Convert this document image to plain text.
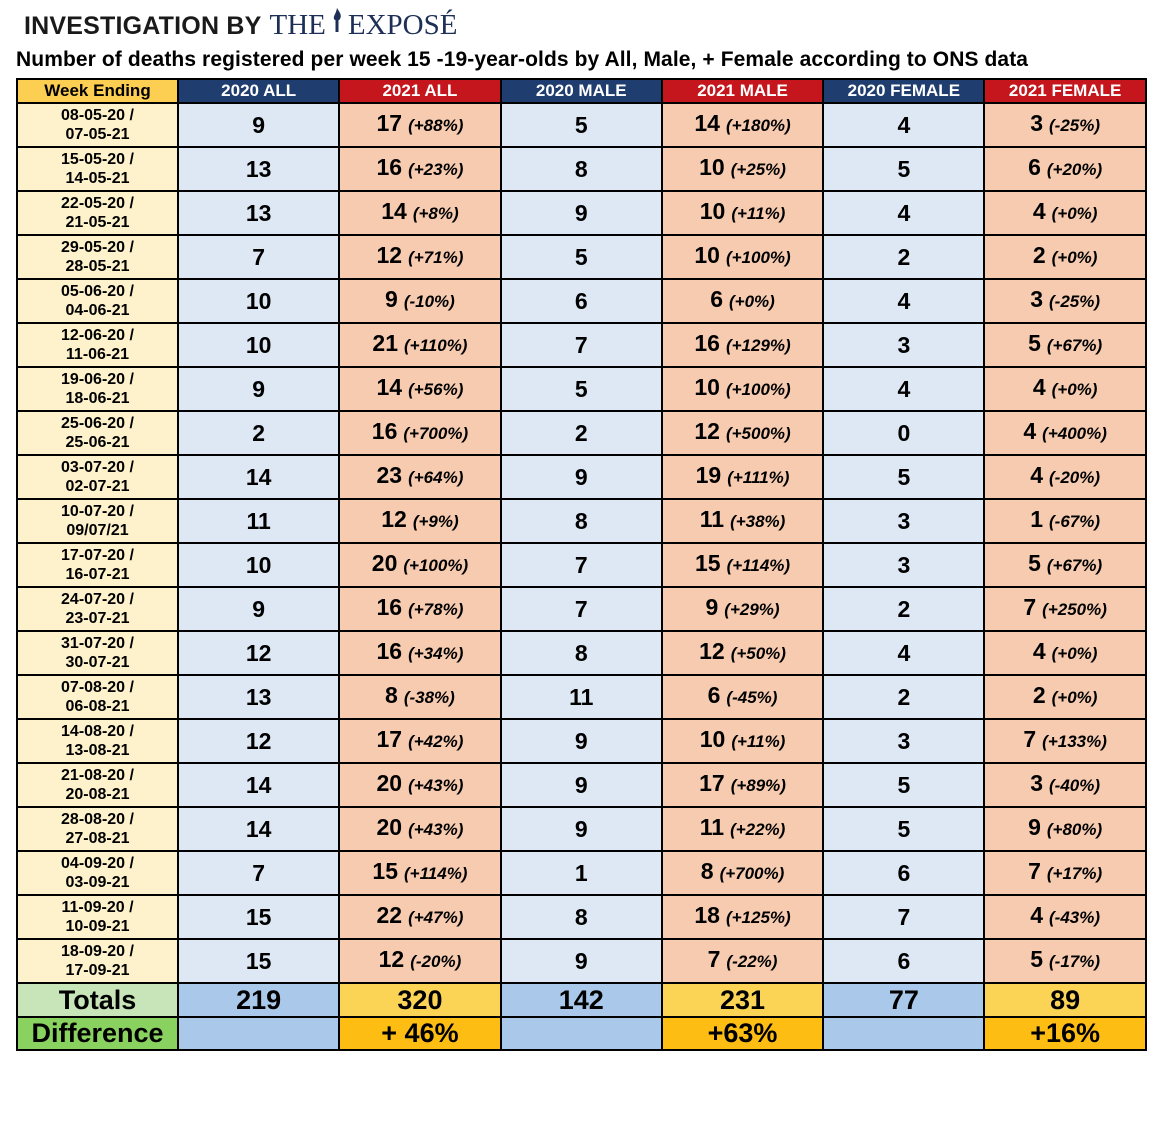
INVESTIGATION BY THE EXPOSÉ
Number of deaths registered per week 15 -19-year-olds by All, Male, + Female according to ONS data
Week Ending	2020 ALL	2021 ALL	2020 MALE	2021 MALE	2020 FEMALE	2021 FEMALE

08-05-20 /
07-05-21	9	17 (+88%)	5	14 (+180%)	4	3 (-25%)

15-05-20 /
14-05-21	13	16 (+23%)	8	10 (+25%)	5	6 (+20%)

22-05-20 /
21-05-21	13	14 (+8%)	9	10 (+11%)	4	4 (+0%)

29-05-20 /
28-05-21	7	12 (+71%)	5	10 (+100%)	2	2 (+0%)

05-06-20 /
04-06-21	10	9 (-10%)	6	6 (+0%)	4	3 (-25%)

12-06-20 /
11-06-21	10	21 (+110%)	7	16 (+129%)	3	5 (+67%)

19-06-20 /
18-06-21	9	14 (+56%)	5	10 (+100%)	4	4 (+0%)

25-06-20 /
25-06-21	2	16 (+700%)	2	12 (+500%)	0	4 (+400%)

03-07-20 /
02-07-21	14	23 (+64%)	9	19 (+111%)	5	4 (-20%)

10-07-20 /
09/07/21	11	12 (+9%)	8	11 (+38%)	3	1 (-67%)

17-07-20 /
16-07-21	10	20 (+100%)	7	15 (+114%)	3	5 (+67%)

24-07-20 /
23-07-21	9	16 (+78%)	7	9 (+29%)	2	7 (+250%)

31-07-20 /
30-07-21	12	16 (+34%)	8	12 (+50%)	4	4 (+0%)

07-08-20 /
06-08-21	13	8 (-38%)	11	6 (-45%)	2	2 (+0%)

14-08-20 /
13-08-21	12	17 (+42%)	9	10 (+11%)	3	7 (+133%)

21-08-20 /
20-08-21	14	20 (+43%)	9	17 (+89%)	5	3 (-40%)

28-08-20 /
27-08-21	14	20 (+43%)	9	11 (+22%)	5	9 (+80%)

04-09-20 /
03-09-21	7	15 (+114%)	1	8 (+700%)	6	7 (+17%)

11-09-20 /
10-09-21	15	22 (+47%)	8	18 (+125%)	7	4 (-43%)

18-09-20 /
17-09-21	15	12 (-20%)	9	7 (-22%)	6	5 (-17%)
Totals	219	320	142	231	77	89
Difference		+ 46%		+63%		+16%
